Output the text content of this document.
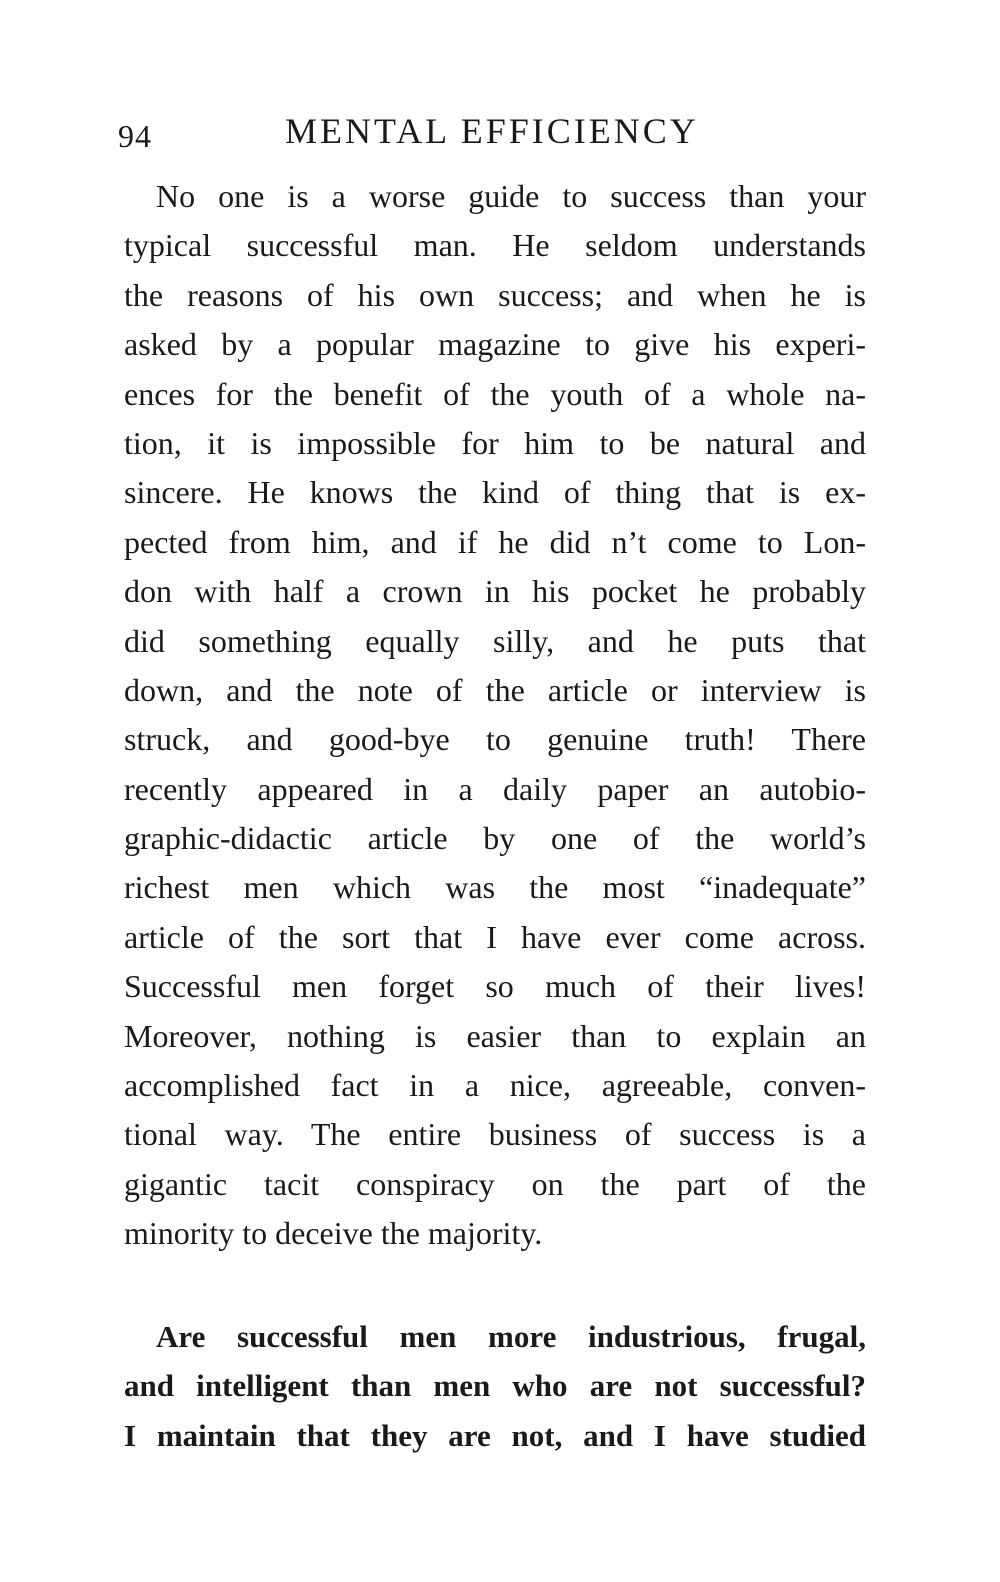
94	MENTAL EFFICIENCY
No one is a worse guide to success than your
typical successful man. He seldom understands
the reasons of his own success; and when he is
asked by a popular magazine to give his experi-
ences for the benefit of the youth of a whole na-
tion, it is impossible for him to be natural and
sincere. He knows the kind of thing that is ex-
pected from him, and if he did n’t come to Lon-
don with half a crown in his pocket he probably
did something equally silly, and he puts that
down, and the note of the article or interview is
struck, and good-bye to genuine truth! There
recently appeared in a daily paper an autobio-
graphic-didactic article by one of the world’s
richest men which was the most “inadequate”
article of the sort that I have ever come across.
Successful men forget so much of their lives!
Moreover, nothing is easier than to explain an
accomplished fact in a nice, agreeable, conven-
tional way. The entire business of success is a
gigantic tacit conspiracy on the part of the
minority to deceive the majority.
Are successful men more industrious, frugal,
and intelligent than men who are not successful?
I maintain that they are not, and I have studied
